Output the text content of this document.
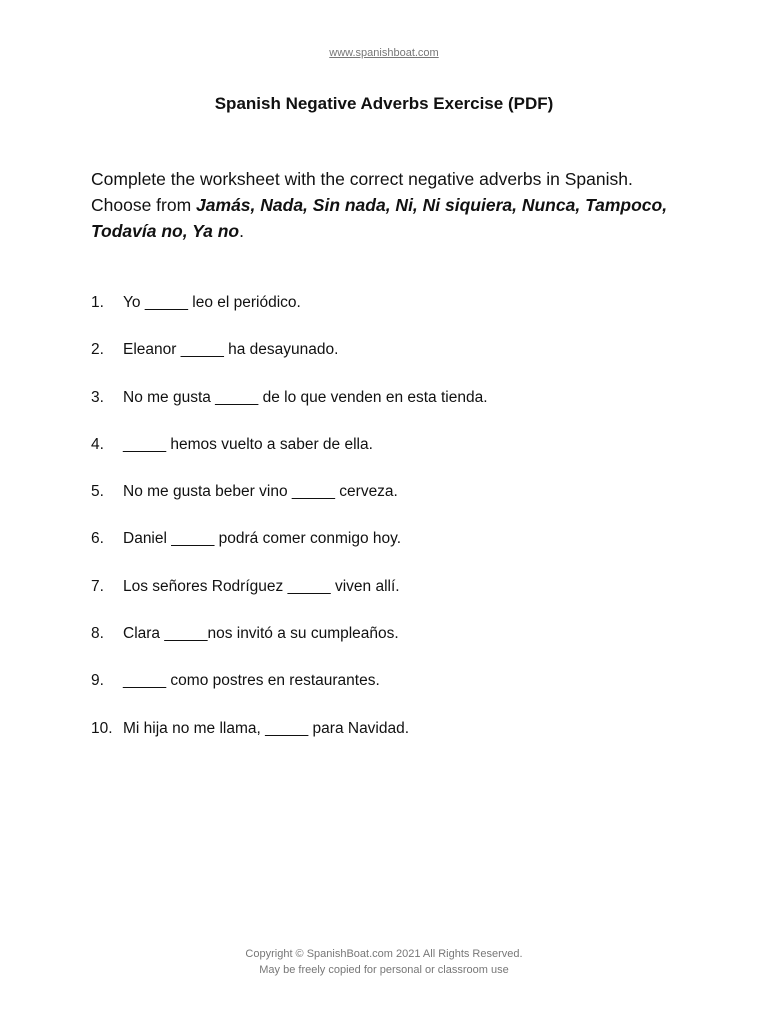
www.spanishboat.com
Spanish Negative Adverbs Exercise (PDF)

Complete the worksheet with the correct negative adverbs in Spanish.
Choose from Jamás, Nada, Sin nada, Ni, Ni siquiera, Nunca, Tampoco, Todavía no, Ya no.

1.	Yo _____ leo el periódico.
2.	Eleanor _____ ha desayunado.
3.	No me gusta _____ de lo que venden en esta tienda.
4.	_____ hemos vuelto a saber de ella.
5.	No me gusta beber vino _____ cerveza.
6.	Daniel _____ podrá comer conmigo hoy.
7.	Los señores Rodríguez _____ viven allí.
8.	Clara _____nos invitó a su cumpleaños.
9.	_____ como postres en restaurantes.
10. Mi hija no me llama, _____ para Navidad.
Copyright © SpanishBoat.com 2021 All Rights Reserved.
May be freely copied for personal or classroom use
